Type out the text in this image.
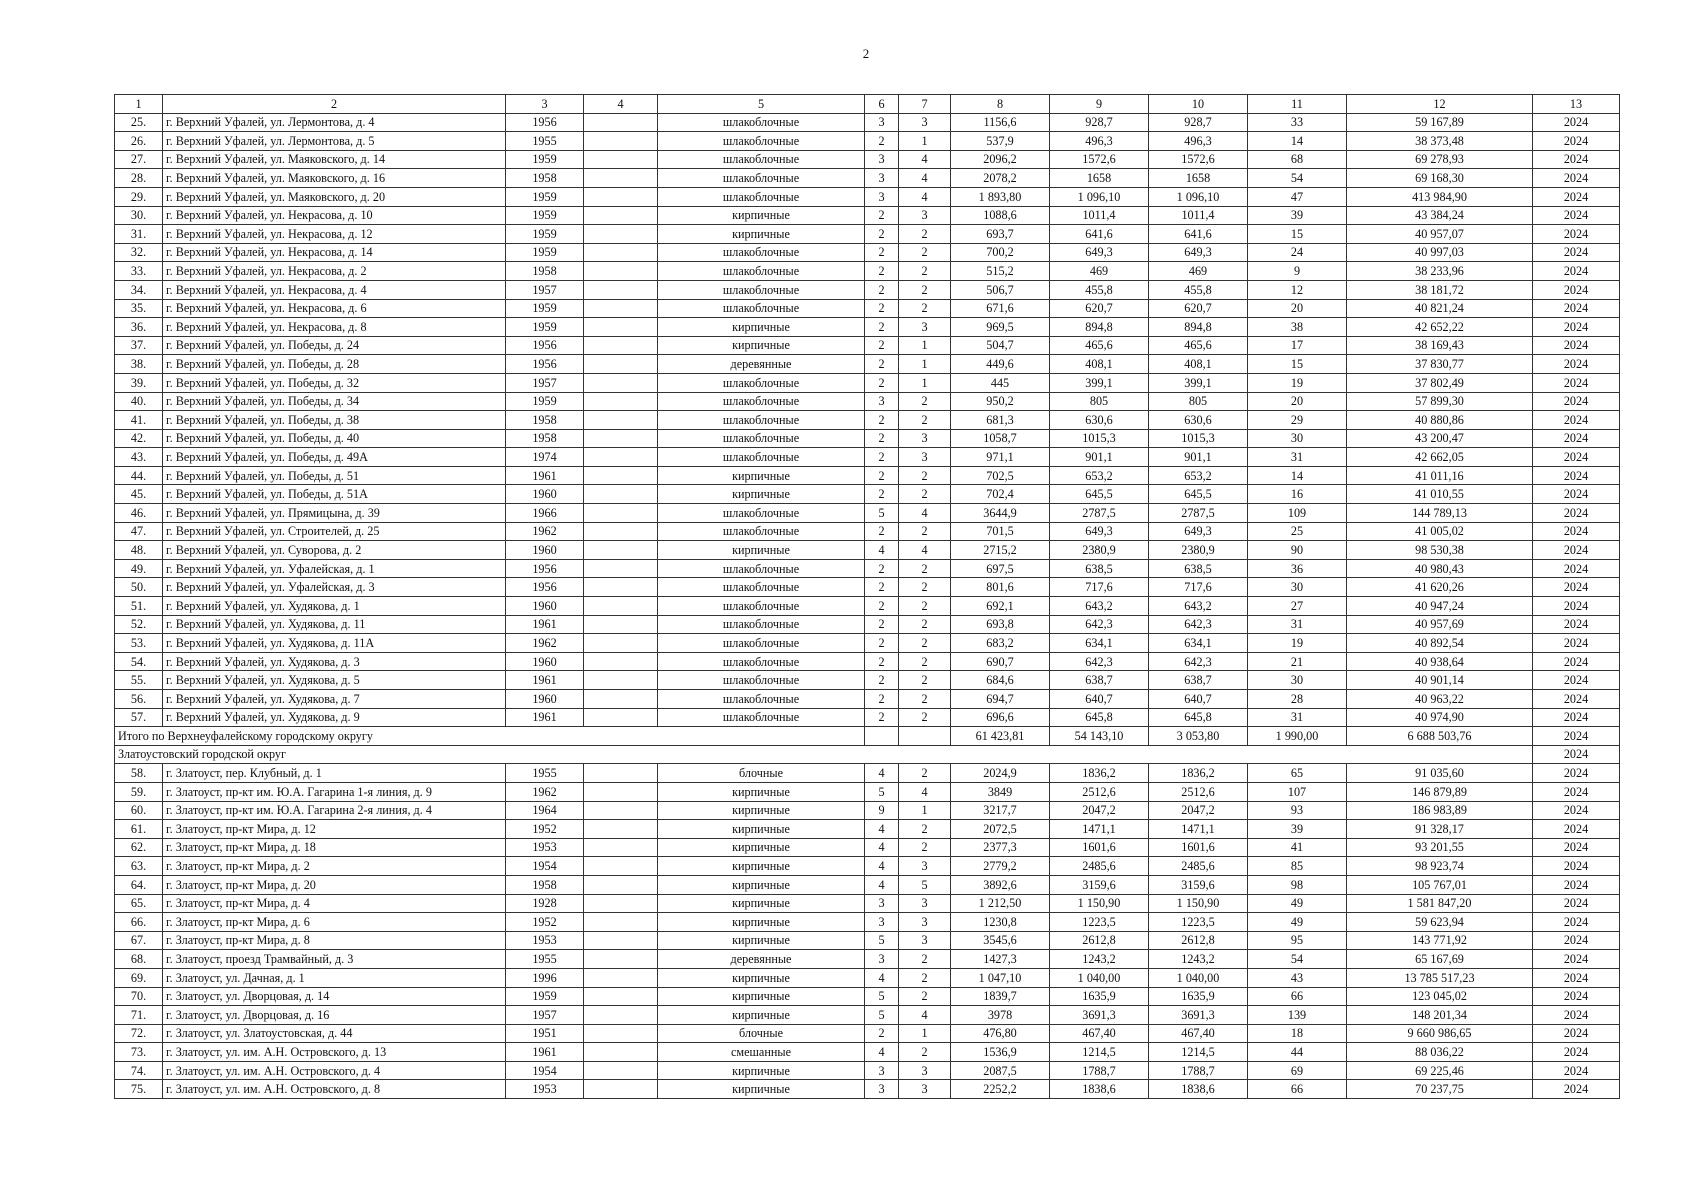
2
1	2	3	4	5	6	7	8	9	10	11	12	13
25.	г. Верхний Уфалей, ул. Лермонтова, д. 4	1956		шлакоблочные	3	3	1156,6	928,7	928,7	33	59 167,89	2024
26.	г. Верхний Уфалей, ул. Лермонтова, д. 5	1955		шлакоблочные	2	1	537,9	496,3	496,3	14	38 373,48	2024
27.	г. Верхний Уфалей, ул. Маяковского, д. 14	1959		шлакоблочные	3	4	2096,2	1572,6	1572,6	68	69 278,93	2024
28.	г. Верхний Уфалей, ул. Маяковского, д. 16	1958		шлакоблочные	3	4	2078,2	1658	1658	54	69 168,30	2024
29.	г. Верхний Уфалей, ул. Маяковского, д. 20	1959		шлакоблочные	3	4	1 893,80	1 096,10	1 096,10	47	413 984,90	2024
30.	г. Верхний Уфалей, ул. Некрасова, д. 10	1959		кирпичные	2	3	1088,6	1011,4	1011,4	39	43 384,24	2024
31.	г. Верхний Уфалей, ул. Некрасова, д. 12	1959		кирпичные	2	2	693,7	641,6	641,6	15	40 957,07	2024
32.	г. Верхний Уфалей, ул. Некрасова, д. 14	1959		шлакоблочные	2	2	700,2	649,3	649,3	24	40 997,03	2024
33.	г. Верхний Уфалей, ул. Некрасова, д. 2	1958		шлакоблочные	2	2	515,2	469	469	9	38 233,96	2024
34.	г. Верхний Уфалей, ул. Некрасова, д. 4	1957		шлакоблочные	2	2	506,7	455,8	455,8	12	38 181,72	2024
35.	г. Верхний Уфалей, ул. Некрасова, д. 6	1959		шлакоблочные	2	2	671,6	620,7	620,7	20	40 821,24	2024
36.	г. Верхний Уфалей, ул. Некрасова, д. 8	1959		кирпичные	2	3	969,5	894,8	894,8	38	42 652,22	2024
37.	г. Верхний Уфалей, ул. Победы, д. 24	1956		кирпичные	2	1	504,7	465,6	465,6	17	38 169,43	2024
38.	г. Верхний Уфалей, ул. Победы, д. 28	1956		деревянные	2	1	449,6	408,1	408,1	15	37 830,77	2024
39.	г. Верхний Уфалей, ул. Победы, д. 32	1957		шлакоблочные	2	1	445	399,1	399,1	19	37 802,49	2024
40.	г. Верхний Уфалей, ул. Победы, д. 34	1959		шлакоблочные	3	2	950,2	805	805	20	57 899,30	2024
41.	г. Верхний Уфалей, ул. Победы, д. 38	1958		шлакоблочные	2	2	681,3	630,6	630,6	29	40 880,86	2024
42.	г. Верхний Уфалей, ул. Победы, д. 40	1958		шлакоблочные	2	3	1058,7	1015,3	1015,3	30	43 200,47	2024
43.	г. Верхний Уфалей, ул. Победы, д. 49А	1974		шлакоблочные	2	3	971,1	901,1	901,1	31	42 662,05	2024
44.	г. Верхний Уфалей, ул. Победы, д. 51	1961		кирпичные	2	2	702,5	653,2	653,2	14	41 011,16	2024
45.	г. Верхний Уфалей, ул. Победы, д. 51А	1960		кирпичные	2	2	702,4	645,5	645,5	16	41 010,55	2024
46.	г. Верхний Уфалей, ул. Прямицына, д. 39	1966		шлакоблочные	5	4	3644,9	2787,5	2787,5	109	144 789,13	2024
47.	г. Верхний Уфалей, ул. Строителей, д. 25	1962		шлакоблочные	2	2	701,5	649,3	649,3	25	41 005,02	2024
48.	г. Верхний Уфалей, ул. Суворова, д. 2	1960		кирпичные	4	4	2715,2	2380,9	2380,9	90	98 530,38	2024
49.	г. Верхний Уфалей, ул. Уфалейская, д. 1	1956		шлакоблочные	2	2	697,5	638,5	638,5	36	40 980,43	2024
50.	г. Верхний Уфалей, ул. Уфалейская, д. 3	1956		шлакоблочные	2	2	801,6	717,6	717,6	30	41 620,26	2024
51.	г. Верхний Уфалей, ул. Худякова, д. 1	1960		шлакоблочные	2	2	692,1	643,2	643,2	27	40 947,24	2024
52.	г. Верхний Уфалей, ул. Худякова, д. 11	1961		шлакоблочные	2	2	693,8	642,3	642,3	31	40 957,69	2024
53.	г. Верхний Уфалей, ул. Худякова, д. 11А	1962		шлакоблочные	2	2	683,2	634,1	634,1	19	40 892,54	2024
54.	г. Верхний Уфалей, ул. Худякова, д. 3	1960		шлакоблочные	2	2	690,7	642,3	642,3	21	40 938,64	2024
55.	г. Верхний Уфалей, ул. Худякова, д. 5	1961		шлакоблочные	2	2	684,6	638,7	638,7	30	40 901,14	2024
56.	г. Верхний Уфалей, ул. Худякова, д. 7	1960		шлакоблочные	2	2	694,7	640,7	640,7	28	40 963,22	2024
57.	г. Верхний Уфалей, ул. Худякова, д. 9	1961		шлакоблочные	2	2	696,6	645,8	645,8	31	40 974,90	2024
Итого по Верхнеуфалейскому городскому округу							61 423,81	54 143,10	3 053,80	1 990,00	6 688 503,76	2024
Златоустовский городской округ												2024
58.	г. Златоуст, пер. Клубный, д. 1	1955		блочные	4	2	2024,9	1836,2	1836,2	65	91 035,60	2024
59.	г. Златоуст, пр-кт им. Ю.А. Гагарина 1-я линия, д. 9	1962		кирпичные	5	4	3849	2512,6	2512,6	107	146 879,89	2024
60.	г. Златоуст, пр-кт им. Ю.А. Гагарина 2-я линия, д. 4	1964		кирпичные	9	1	3217,7	2047,2	2047,2	93	186 983,89	2024
61.	г. Златоуст, пр-кт Мира, д. 12	1952		кирпичные	4	2	2072,5	1471,1	1471,1	39	91 328,17	2024
62.	г. Златоуст, пр-кт Мира, д. 18	1953		кирпичные	4	2	2377,3	1601,6	1601,6	41	93 201,55	2024
63.	г. Златоуст, пр-кт Мира, д. 2	1954		кирпичные	4	3	2779,2	2485,6	2485,6	85	98 923,74	2024
64.	г. Златоуст, пр-кт Мира, д. 20	1958		кирпичные	4	5	3892,6	3159,6	3159,6	98	105 767,01	2024
65.	г. Златоуст, пр-кт Мира, д. 4	1928		кирпичные	3	3	1 212,50	1 150,90	1 150,90	49	1 581 847,20	2024
66.	г. Златоуст, пр-кт Мира, д. 6	1952		кирпичные	3	3	1230,8	1223,5	1223,5	49	59 623,94	2024
67.	г. Златоуст, пр-кт Мира, д. 8	1953		кирпичные	5	3	3545,6	2612,8	2612,8	95	143 771,92	2024
68.	г. Златоуст, проезд Трамвайный, д. 3	1955		деревянные	3	2	1427,3	1243,2	1243,2	54	65 167,69	2024
69.	г. Златоуст, ул. Дачная, д. 1	1996		кирпичные	4	2	1 047,10	1 040,00	1 040,00	43	13 785 517,23	2024
70.	г. Златоуст, ул. Дворцовая, д. 14	1959		кирпичные	5	2	1839,7	1635,9	1635,9	66	123 045,02	2024
71.	г. Златоуст, ул. Дворцовая, д. 16	1957		кирпичные	5	4	3978	3691,3	3691,3	139	148 201,34	2024
72.	г. Златоуст, ул. Златоустовская, д. 44	1951		блочные	2	1	476,80	467,40	467,40	18	9 660 986,65	2024
73.	г. Златоуст, ул. им. А.Н. Островского, д. 13	1961		смешанные	4	2	1536,9	1214,5	1214,5	44	88 036,22	2024
74.	г. Златоуст, ул. им. А.Н. Островского, д. 4	1954		кирпичные	3	3	2087,5	1788,7	1788,7	69	69 225,46	2024
75.	г. Златоуст, ул. им. А.Н. Островского, д. 8	1953		кирпичные	3	3	2252,2	1838,6	1838,6	66	70 237,75	2024
